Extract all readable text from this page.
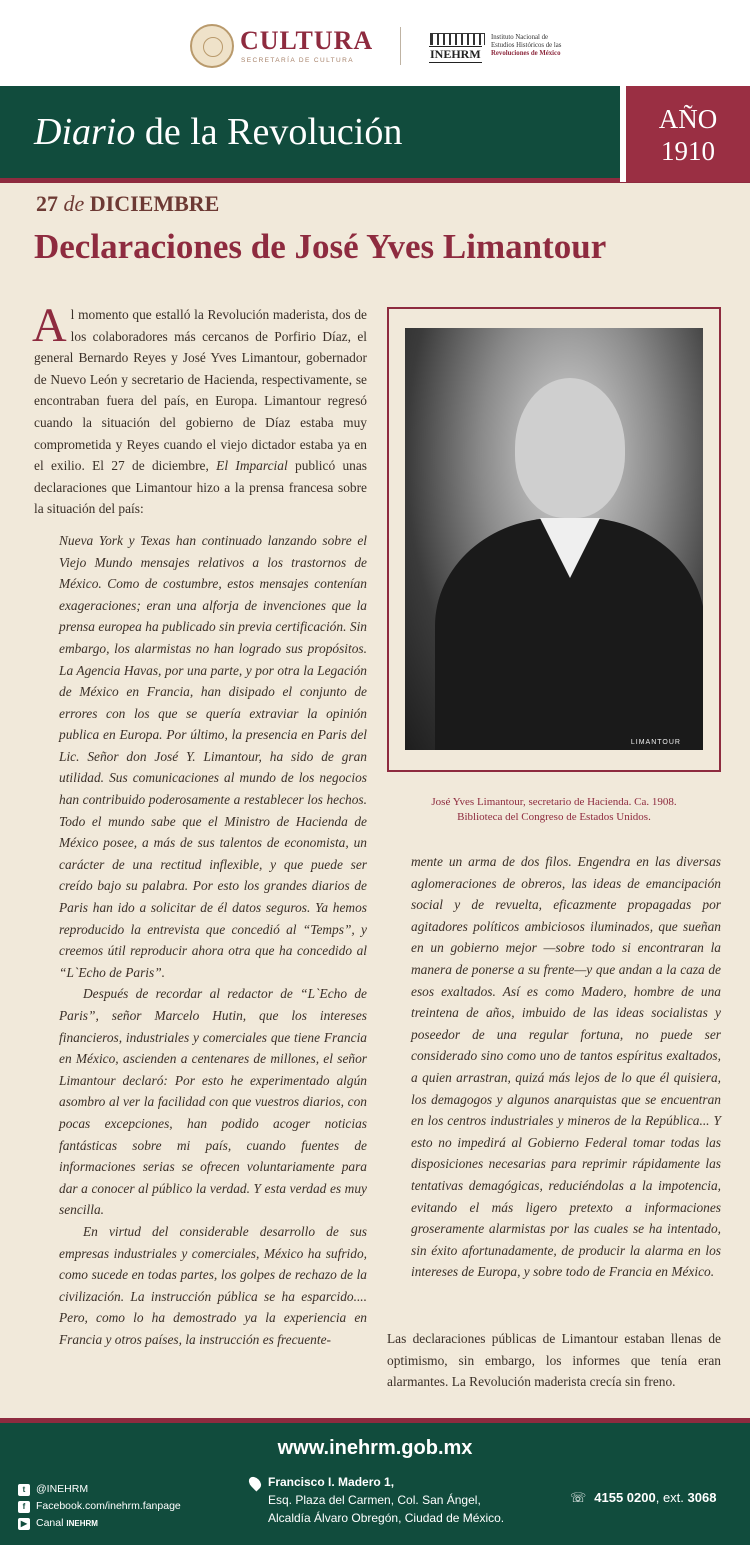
CULTURA
SECRETARÍA DE CULTURA	INEHRM
Instituto Nacional de
Estudios Históricos de las
Revoluciones de México
Diario de la Revolución	AÑO
1910
27 de DICIEMBRE
Declaraciones de José Yves Limantour

Al momento que estalló la Revolución maderista, dos de los colaboradores más cercanos de Porfirio Díaz, el general Bernardo Reyes y José Yves Limantour, gobernador de Nuevo León y secretario de Hacienda, respectivamente, se encontraban fuera del país, en Europa. Limantour regresó cuando la situación del gobierno de Díaz estaba muy comprometida y Reyes cuando el viejo dictador estaba ya en el exilio. El 27 de diciembre, El Imparcial publicó unas declaraciones que Limantour hizo a la prensa francesa sobre la situación del país:

Nueva York y Texas han continuado lanzando sobre el Viejo Mundo mensajes relativos a los trastornos de México. Como de costumbre, estos mensajes contenían exageraciones; eran una alforja de invenciones que la prensa europea ha publicado sin previa certificación. Sin embargo, los alarmistas no han logrado sus propósitos. La Agencia Havas, por una parte, y por otra la Legación de México en Francia, han disipado el conjunto de errores con los que se quería extraviar la opinión publica en Europa. Por último, la presencia en Paris del Lic. Señor don José Y. Limantour, ha sido de gran utilidad. Sus comunicaciones al mundo de los negocios han contribuido poderosamente a restablecer los hechos. Todo el mundo sabe que el Ministro de Hacienda de México posee, a más de sus talentos de economista, un carácter de una rectitud inflexible, y que puede ser creído bajo su palabra. Por esto los grandes diarios de Paris han ido a solicitar de él datos seguros. Ya hemos reproducido la entrevista que concedió al “Temps”, y creemos útil reproducir ahora otra que ha concedido al “L`Echo de Paris”.

Después de recordar al redactor de “L`Echo de Paris”, señor Marcelo Hutin, que los intereses financieros, industriales y comerciales que tiene Francia en México, ascienden a centenares de millones, el señor Limantour declaró: Por esto he experimentado algún asombro al ver la facilidad con que vuestros diarios, con pocas excepciones, han podido acoger noticias fantásticas sobre mi país, cuando fuentes de informaciones serias se ofrecen voluntariamente para dar a conocer al público la verdad. Y esta verdad es muy sencilla.

En virtud del considerable desarrollo de sus empresas industriales y comerciales, México ha sufrido, como sucede en todas partes, los golpes de rechazo de la civilización. La instrucción pública se ha esparcido.... Pero, como lo ha demostrado ya la experiencia en Francia y otros países, la instrucción es frecuente-

LIMANTOUR
José Yves Limantour, secretario de Hacienda. Ca. 1908.
Biblioteca del Congreso de Estados Unidos.
mente un arma de dos filos. Engendra en las diversas aglomeraciones de obreros, las ideas de emancipación social y de revuelta, eficazmente propagadas por agitadores políticos ambiciosos iluminados, que sueñan en un gobierno mejor —sobre todo si encontraran la manera de ponerse a su frente—y que andan a la caza de esos exaltados. Así es como Madero, hombre de una treintena de años, imbuido de las ideas socialistas y poseedor de una regular fortuna, no puede ser considerado sino como uno de tantos espíritus exaltados, a quien arrastran, quizá más lejos de lo que él quisiera, los demagogos y algunos anarquistas que se encuentran en los centros industriales y mineros de la República... Y esto no impedirá al Gobierno Federal tomar todas las disposiciones necesarias para reprimir rápidamente las tentativas demagógicas, reduciéndolas a la impotencia, evitando el más ligero pretexto a informaciones groseramente alarmistas por las cuales se ha intentado, sin éxito afortunadamente, de producir la alarma en los intereses de Europa, y sobre todo de Francia en México.
Las declaraciones públicas de Limantour estaban llenas de optimismo, sin embargo, los informes que tenía eran alarmantes. La Revolución maderista crecía sin freno.
www.inehrm.gob.mx
t	@INEHRM
f	Facebook.com/inehrm.fanpage
▶ Canal
INEHRM
Francisco I. Madero 1,
Esq. Plaza del Carmen, Col. San Ángel,
Alcaldía Álvaro Obregón, Ciudad de México.
☏ 4155 0200, ext. 3068
